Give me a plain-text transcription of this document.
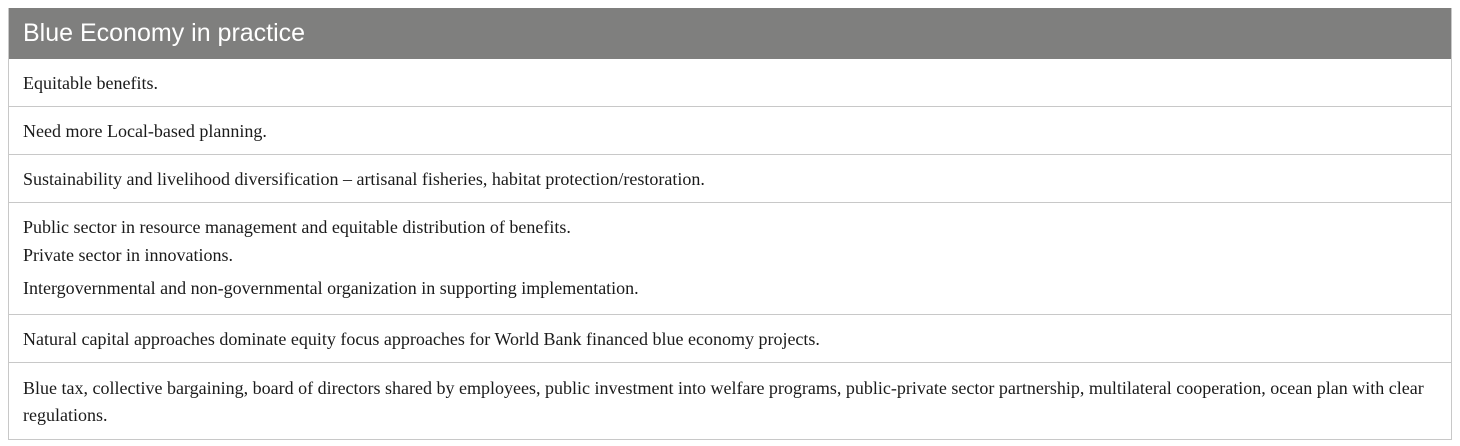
Blue Economy in practice
Equitable benefits.
Need more Local-based planning.
Sustainability and livelihood diversification – artisanal fisheries, habitat protection/restoration.
Public sector in resource management and equitable distribution of benefits.
Private sector in innovations.
Intergovernmental and non-governmental organization in supporting implementation.
Natural capital approaches dominate equity focus approaches for World Bank financed blue economy projects.
Blue tax, collective bargaining, board of directors shared by employees, public investment into welfare programs, public-private sector partnership, multilateral cooperation, ocean plan with clear regulations.
